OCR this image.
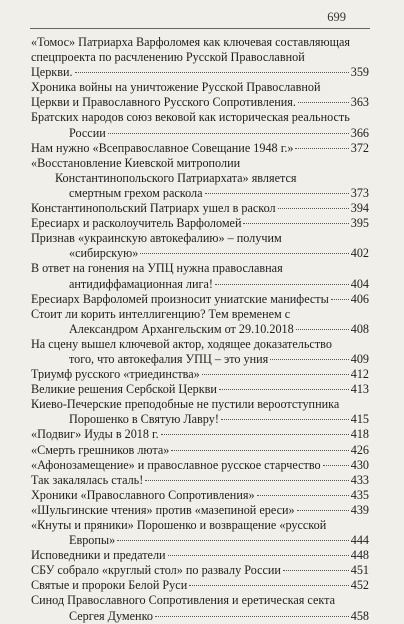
699
«Томос» Патриарха Варфоломея как ключевая составляющая
спецпроекта по расчленению Русской Православной
Церкви.	359
Хроника войны на уничтожение Русской Православной
Церкви и Православного Русского Сопротивления.	363
Братских народов союз вековой как историческая реальность
России	366
Нам нужно «Всеправославное Совещание 1948 г.»	372
«Восстановление Киевской митрополии
Константинопольского Патриархата» является
смертным грехом раскола	373
Константинопольский Патриарх ушел в раскол	394
Ересиарх и расколоучитель Варфоломей	395
Признав «украинскую автокефалию» – получим
«сибирскую»	402
В ответ на гонения на УПЦ нужна православная
антидиффамационная лига!	404
Ересиарх Варфоломей произносит униатские манифесты 406
Стоит ли корить интеллигенцию? Тем временем с
Александром Архангельским от 29.10.2018	408
На сцену вышел ключевой актор, ходящее доказательство
того, что автокефалия УПЦ – это уния	409
Триумф русского «триединства»	412
Великие решения Сербской Церкви	413
Киево-Печерские преподобные не пустили вероотступника
Порошенко в Святую Лавру!	415
«Подвиг» Иуды в 2018 г.	418
«Смерть грешников люта»	426
«Афонозамещение» и православное русское старчество 430
Так закалялась сталь!	433
Хроники «Православного Сопротивления»	435
«Шульгинские чтения» против «мазепиной ереси»	439
«Кнуты и пряники» Порошенко и возвращение «русской
Европы»	444
Исповедники и предатели	448
СБУ собрало «круглый стол» по развалу России	451
Святые и пророки Белой Руси	452
Синод Православного Сопротивления и еретическая секта
Сергея Думенко	458
